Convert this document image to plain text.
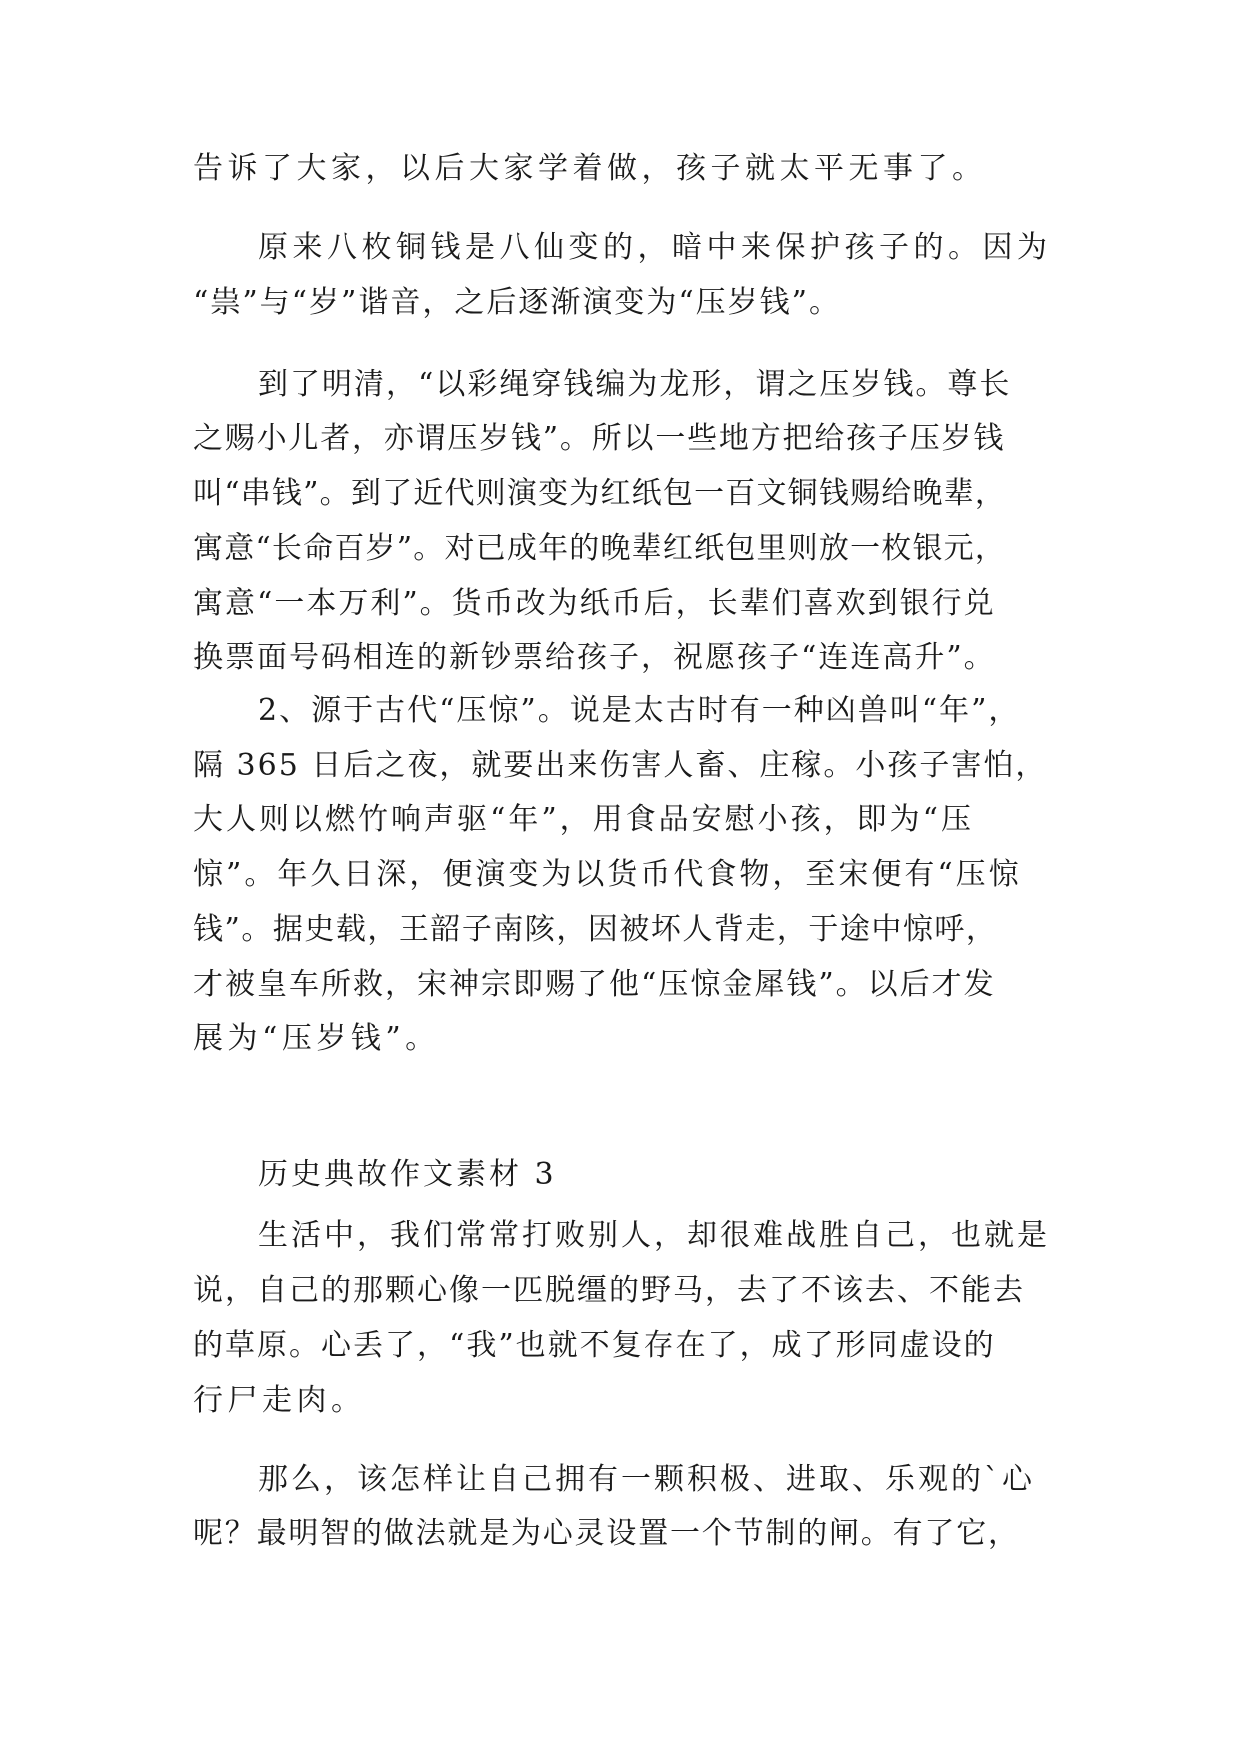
告诉了大家，以后大家学着做，孩子就太平无事了。
原来八枚铜钱是八仙变的，暗中来保护孩子的。因为
“祟”与“岁”谐音，之后逐渐演变为“压岁钱”。
到了明清，“以彩绳穿钱编为龙形，谓之压岁钱。尊长
之赐小儿者，亦谓压岁钱”。所以一些地方把给孩子压岁钱
叫“串钱”。到了近代则演变为红纸包一百文铜钱赐给晚辈，
寓意“长命百岁”。对已成年的晚辈红纸包里则放一枚银元，
寓意“一本万利”。货币改为纸币后，长辈们喜欢到银行兑
换票面号码相连的新钞票给孩子，祝愿孩子“连连高升”。
2、源于古代“压惊”。说是太古时有一种凶兽叫“年”，
隔 365 日后之夜，就要出来伤害人畜、庄稼。小孩子害怕，
大人则以燃竹响声驱“年”，用食品安慰小孩，即为“压
惊”。年久日深，便演变为以货币代食物，至宋便有“压惊
钱”。据史载，王韶子南陔，因被坏人背走，于途中惊呼，
才被皇车所救，宋神宗即赐了他“压惊金犀钱”。以后才发
展为“压岁钱”。
历史典故作文素材 3
生活中，我们常常打败别人，却很难战胜自己，也就是
说，自己的那颗心像一匹脱缰的野马，去了不该去、不能去
的草原。心丢了，“我”也就不复存在了，成了形同虚设的
行尸走肉。
那么，该怎样让自己拥有一颗积极、进取、乐观的`心
呢？最明智的做法就是为心灵设置一个节制的闸。有了它，
